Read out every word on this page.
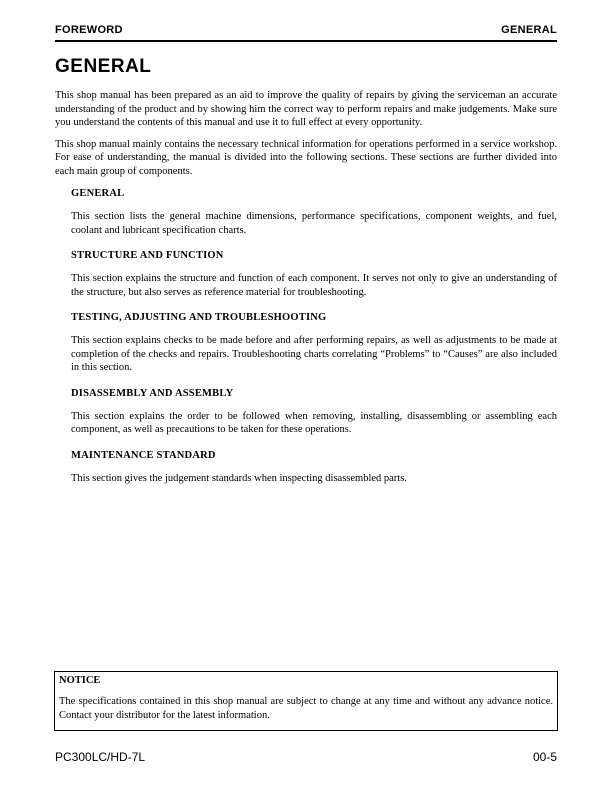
FOREWORD	GENERAL
GENERAL

This shop manual has been prepared as an aid to improve the quality of repairs by giving the serviceman an accurate understanding of the product and by showing him the correct way to perform repairs and make judgements. Make sure you understand the contents of this manual and use it to full effect at every opportunity.

This shop manual mainly contains the necessary technical information for operations performed in a service workshop. For ease of understanding, the manual is divided into the following sections. These sections are further divided into each main group of components.

GENERAL

This section lists the general machine dimensions, performance specifications, component weights, and fuel, coolant and lubricant specification charts.

STRUCTURE AND FUNCTION

This section explains the structure and function of each component. It serves not only to give an understanding of the structure, but also serves as reference material for troubleshooting.

TESTING, ADJUSTING AND TROUBLESHOOTING

This section explains checks to be made before and after performing repairs, as well as adjustments to be made at completion of the checks and repairs. Troubleshooting charts correlating “Problems” to “Causes” are also included in this section.

DISASSEMBLY AND ASSEMBLY

This section explains the order to be followed when removing, installing, disassembling or assembling each component, as well as precautions to be taken for these operations.

MAINTENANCE STANDARD

This section gives the judgement standards when inspecting disassembled parts.

NOTICE

The specifications contained in this shop manual are subject to change at any time and without any advance notice. Contact your distributor for the latest information.

PC300LC/HD-7L	00-5
